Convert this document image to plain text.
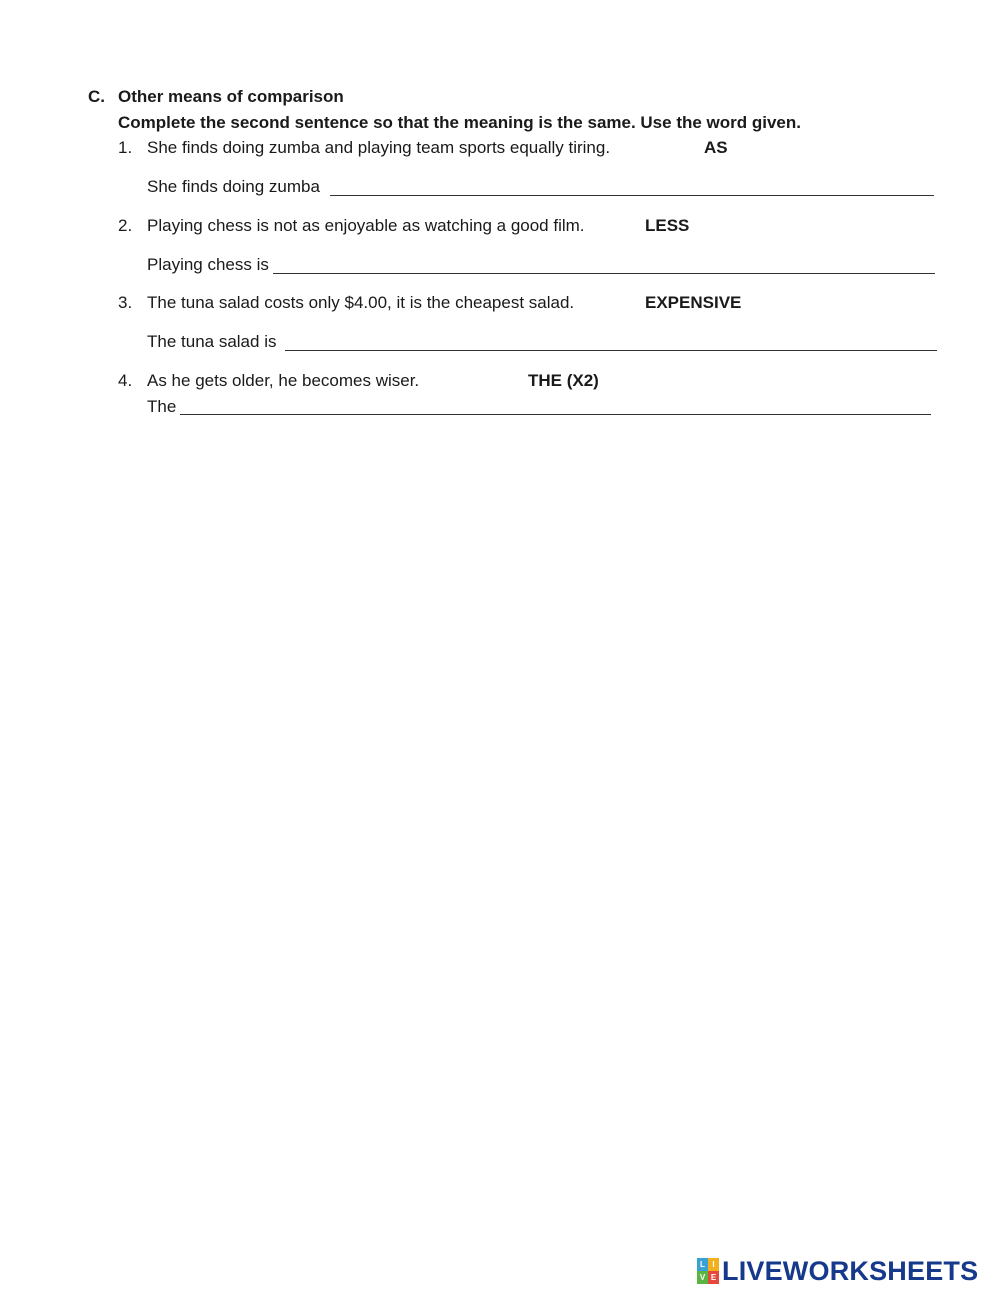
C. Other means of comparison
Complete the second sentence so that the meaning is the same. Use the word given.
1. She finds doing zumba and playing team sports equally tiring.	AS
She finds doing zumba
2. Playing chess is not as enjoyable as watching a good film.	LESS
Playing chess is
3. The tuna salad costs only $4.00, it is the cheapest salad.	EXPENSIVE
The tuna salad is
4. As he gets older, he becomes wiser.	THE (X2)
The
L I
V E LIVEWORKSHEETS
